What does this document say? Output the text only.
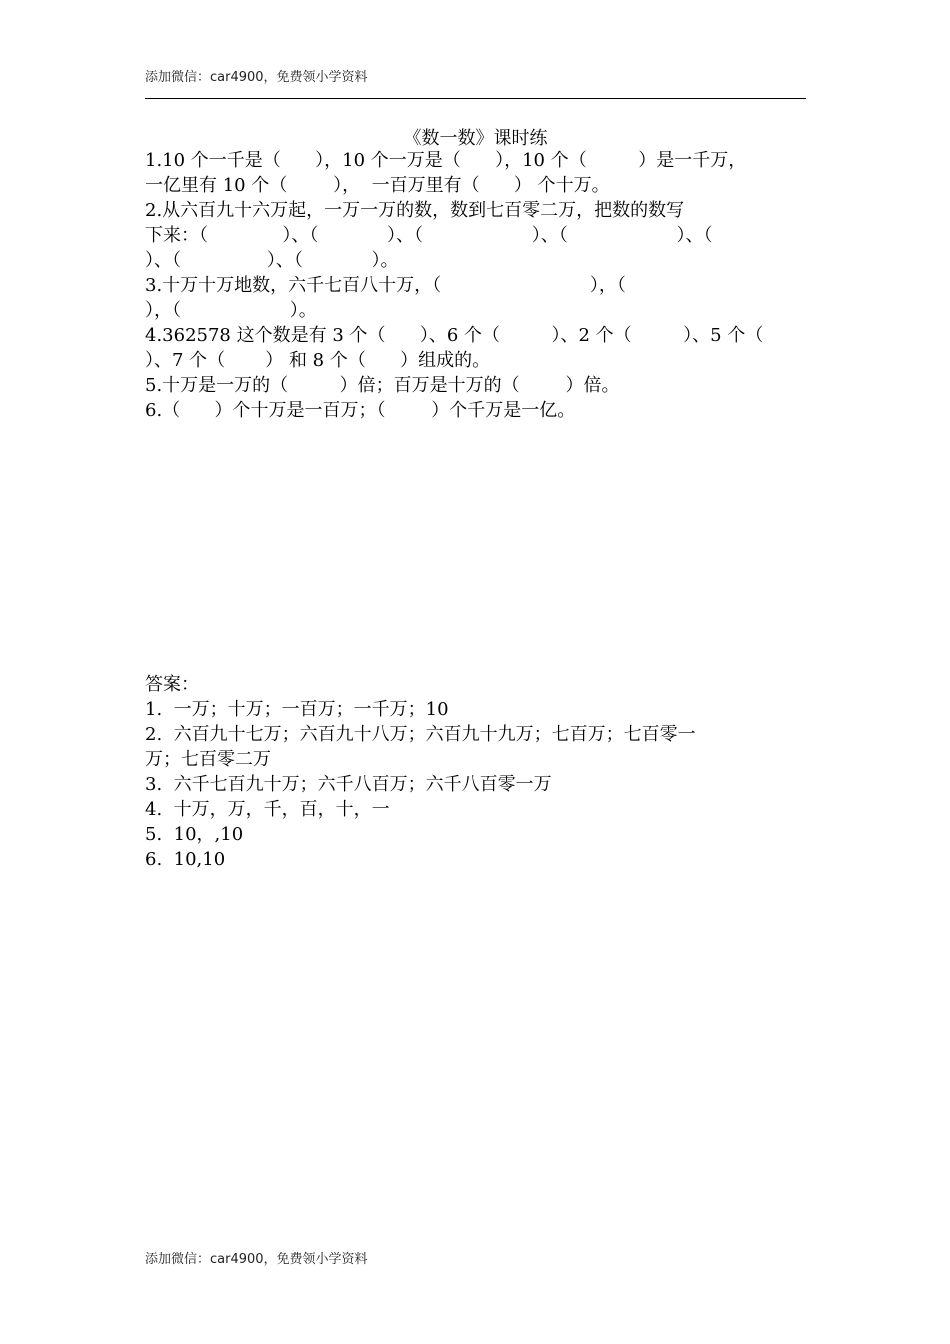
添加微信：car4900，免费领小学资料
《数一数》课时练
1.10 个一千是（      ），10 个一万是（      ），10 个（         ）是一千万，
一亿里有 10 个（        ），  一百万里有（      ） 个十万。
2.从六百九十六万起，一万一万的数，数到七百零二万，把数的数写
下来：（             ）、（            ）、（                   ）、（                   ）、（
）、（               ）、（            ）。
3.十万十万地数，六千七百八十万，（                          ），（
），（                   ）。
4.362578 这个数是有 3 个（      ）、6 个（         ）、2 个（         ）、5 个（
）、7 个（       ） 和 8 个（      ）组成的。
5.十万是一万的（         ）倍；百万是十万的（        ）倍。
6.（      ）个十万是一百万；（        ）个千万是一亿。
答案：
1.  一万；十万；一百万；一千万；10
2.  六百九十七万；六百九十八万；六百九十九万；七百万；七百零一
万；七百零二万
3.  六千七百九十万；六千八百万；六千八百零一万
4.  十万，万，千，百，十，一
5.  10，,10
6.  10,10
添加微信：car4900，免费领小学资料
